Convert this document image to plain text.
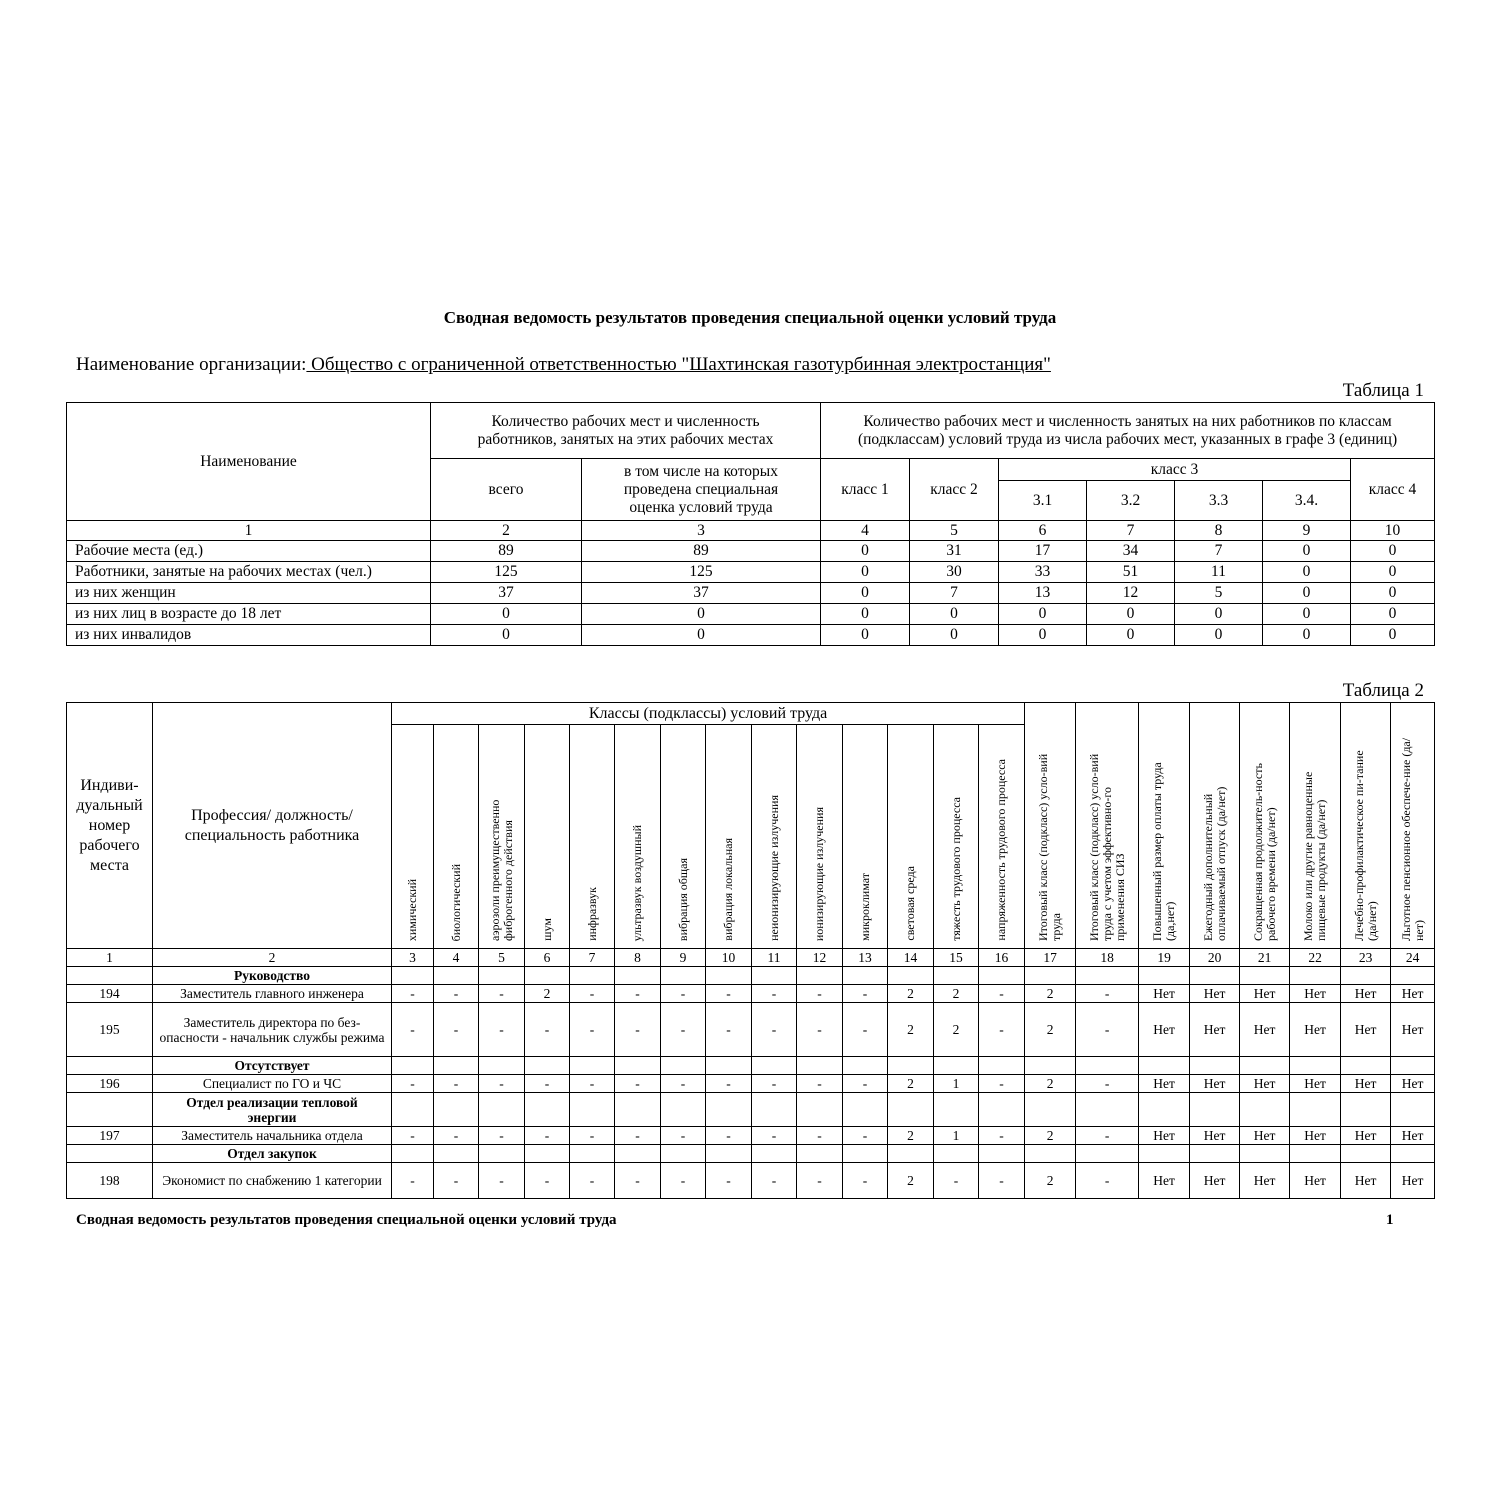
Сводная ведомость результатов проведения специальной оценки условий труда
Наименование организации: Общество с ограниченной ответственностью "Шахтинская газотурбинная электростанция"
Таблица 1
Наименование	Количество рабочих мест и численность работников, занятых на этих рабочих местах		Количество рабочих мест и численность занятых на них работников по классам (подклассам) условий труда из числа рабочих мест, указанных в графе 3 (единиц)						
	всего	в том числе на которых проведена специальная оценка условий труда	класс 1	класс 2	класс 3				класс 4
					3.1	3.2	3.3	3.4.	
1	2	3	4	5	6	7	8	9	10
Рабочие места (ед.)	89	89	0	31	17	34	7	0	0
Работники, занятые на рабочих местах (чел.)	125	125	0	30	33	51	11	0	0
из них женщин	37	37	0	7	13	12	5	0	0
из них лиц в возрасте до 18 лет	0	0	0	0	0	0	0	0	0
из них инвалидов	0	0	0	0	0	0	0	0	0
Таблица 2
Индиви-дуальный номер рабочего места	Профессия/ должность/ специальность работника	Классы (подклассы) условий труда														Итоговый класс (подкласс) усло-вий труда	Итоговый класс (подкласс) усло-вий труда с учетом эффективно-го применения СИЗ	Повышенный размер оплаты труда (да,нет)	Ежегодный дополнительный оплачиваемый отпуск (да/нет)	Сокращенная продолжитель-ность рабочего времени (да/нет)	Молоко или другие равноценные пищевые продукты (да/нет)	Лечебно-профилактическое пи-тание (да/нет)	Льготное пенсионное обеспече-ние (да/нет)
		химический	биологический	аэрозоли преимущественно фиброгенного действия	шум	инфразвук	ультразвук воздушный	вибрация общая	вибрация локальная	неионизирующие излучения	ионизирующие излучения	микроклимат	световая среда	тяжесть трудового процесса	напряженность трудового процесса								
1	2	3	4	5	6	7	8	9	10	11	12	13	14	15	16	17	18	19	20	21	22	23	24
	Руководство																						
194	Заместитель главного инженера	-	-	-	2	-	-	-	-	-	-	-	2	2	-	2	-	Нет	Нет	Нет	Нет	Нет	Нет
195	Заместитель директора по без-опасности - начальник службы режима	-	-	-	-	-	-	-	-	-	-	-	2	2	-	2	-	Нет	Нет	Нет	Нет	Нет	Нет
	Отсутствует																						
196	Специалист по ГО и ЧС	-	-	-	-	-	-	-	-	-	-	-	2	1	-	2	-	Нет	Нет	Нет	Нет	Нет	Нет
	Отдел реализации тепловой энергии																						
197	Заместитель начальника отдела	-	-	-	-	-	-	-	-	-	-	-	2	1	-	2	-	Нет	Нет	Нет	Нет	Нет	Нет
	Отдел закупок																						
198	Экономист по снабжению 1 категории	-	-	-	-	-	-	-	-	-	-	-	2	-	-	2	-	Нет	Нет	Нет	Нет	Нет	Нет
Сводная ведомость результатов проведения специальной оценки условий труда	1
